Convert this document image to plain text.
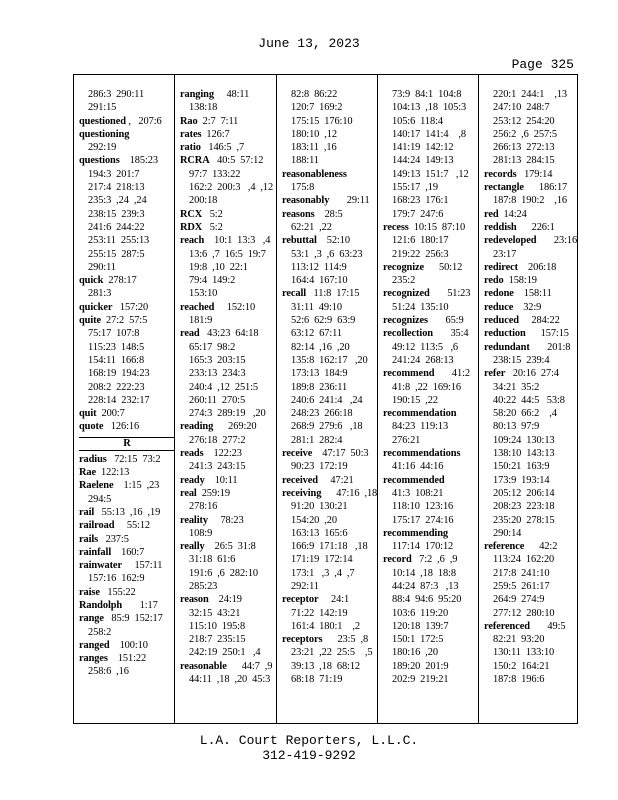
June 13, 2023
Page 325
286:3  290:11
291:15
questioned ,   207:6
questioning
292:19
questions    185:23
194:3  201:7
217:4  218:13
235:3  ,24  ,24
238:15  239:3
241:6  244:22
253:11  255:13
255:15  287:5
290:11
quick  278:17
281:3
quicker   157:20
quite  27:2  57:5
75:17  107:8
115:23  148:5
154:11  166:8
168:19  194:23
208:2  222:23
228:14  232:17
quit  200:7
quote   126:16
R
radius   72:15  73:2
Rae  122:13
Raelene    1:15  ,23
294:5
rail   55:13  ,16  ,19
railroad     55:12
rails   237:5
rainfall    160:7
rainwater     157:11
157:16  162:9
raise   155:22
Randolph       1:17
range   85:9  152:17
258:2
ranged    100:10
ranges    151:22
258:6  ,16
ranging     48:11
138:18
Rao  2:7  7:11
rates  126:7
ratio   146:5  ,7
RCRA   40:5  57:12
97:7  133:22
162:2  200:3   ,4  ,12
200:18
RCX   5:2
RDX   5:2
reach    10:1  13:3   ,4
13:6  ,7  16:5  19:7
19:8  ,10  22:1
79:4  149:2
153:10
reached     152:10
181:9
read   43:23  64:18
65:17  98:2
165:3  203:15
233:13  234:3
240:4  ,12  251:5
260:11  270:5
274:3  289:19   ,20
reading      269:20
276:18  277:2
reads    122:23
241:3  243:15
ready    10:11
real  259:19
278:16
reality     78:23
108:9
really    26:5  31:8
31:18  61:6
191:6  ,6  282:10
285:23
reason    24:19
32:15  43:21
115:10  195:8
218:7  235:15
242:19  250:1   ,4
reasonable      44:7  ,9
44:11  ,18  ,20  45:3
82:8  86:22
120:7  169:2
175:15  176:10
180:10  ,12
183:11  ,16
188:11
reasonableness
175:8
reasonably       29:11
reasons    28:5
62:21  ,22
rebuttal    52:10
53:1  ,3  ,6  63:23
113:12  114:9
164:4  167:10
recall   11:8  17:15
31:11  49:10
52:6  62:9  63:9
63:12  67:11
82:14  ,16  ,20
135:8  162:17   ,20
173:13  184:9
189:8  236:11
240:6  241:4   ,24
248:23  266:18
268:9  279:6   ,18
281:1  282:4
receive    47:17  50:3
90:23  172:19
received     47:21
receiving      47:16  ,18
91:20  130:21
154:20  ,20
163:13  165:6
166:9  171:18   ,18
171:19  172:14
173:1   ,3  ,4  ,7
292:11
receptor     24:1
71:22  142:19
161:4  180:1    ,2
receptors      23:5  ,8
23:21  ,22  25:5    ,5
39:13  ,18  68:12
68:18  71:19
73:9  84:1  104:8
104:13  ,18  105:3
105:6  118:4
140:17  141:4    ,8
141:19  142:12
144:24  149:13
149:13  151:7   ,12
155:17  ,19
168:23  176:1
179:7  247:6
recess  10:15  87:10
121:6  180:17
219:22  256:3
recognize      50:12
235:2
recognized       51:23
51:24  135:10
recognizes       65:9
recollection       35:4
49:12  113:5   ,6
241:24  268:13
recommend       41:2
41:8  ,22  169:16
190:15  ,22
recommendation
84:23  119:13
276:21
recommendations
41:16  44:16
recommended
41:3  108:21
118:10  123:16
175:17  274:16
recommending
117:14  170:12
record   7:2  ,6  ,9
10:14  ,18  18:8
44:24  87:3   ,13
88:4  94:6  95:20
103:6  119:20
120:18  139:7
150:1  172:5
180:16  ,20
189:20  201:9
202:9  219:21
220:1  244:1    ,13
247:10  248:7
253:12  254:20
256:2  ,6  257:5
266:13  272:13
281:13  284:15
records   179:14
rectangle      186:17
187:8  190:2    ,16
red  14:24
reddish      226:1
redeveloped       23:16
23:17
redirect    206:18
redo  158:19
redone    158:11
reduce    32:9
reduced     284:22
reduction      157:15
redundant       201:8
238:15  239:4
refer   20:16  27:4
34:21  35:2
40:22  44:5   53:8
58:20  66:2    ,4
80:13  97:9
109:24  130:13
138:10  143:13
150:21  163:9
173:9  193:14
205:12  206:14
208:23  223:18
235:20  278:15
290:14
reference      42:2
113:24  162:20
217:8  241:10
259:5  261:17
264:9  274:9
277:12  280:10
referenced       49:5
82:21  93:20
130:11  133:10
150:2  164:21
187:8  196:6
L.A. Court Reporters, L.L.C.
312-419-9292
